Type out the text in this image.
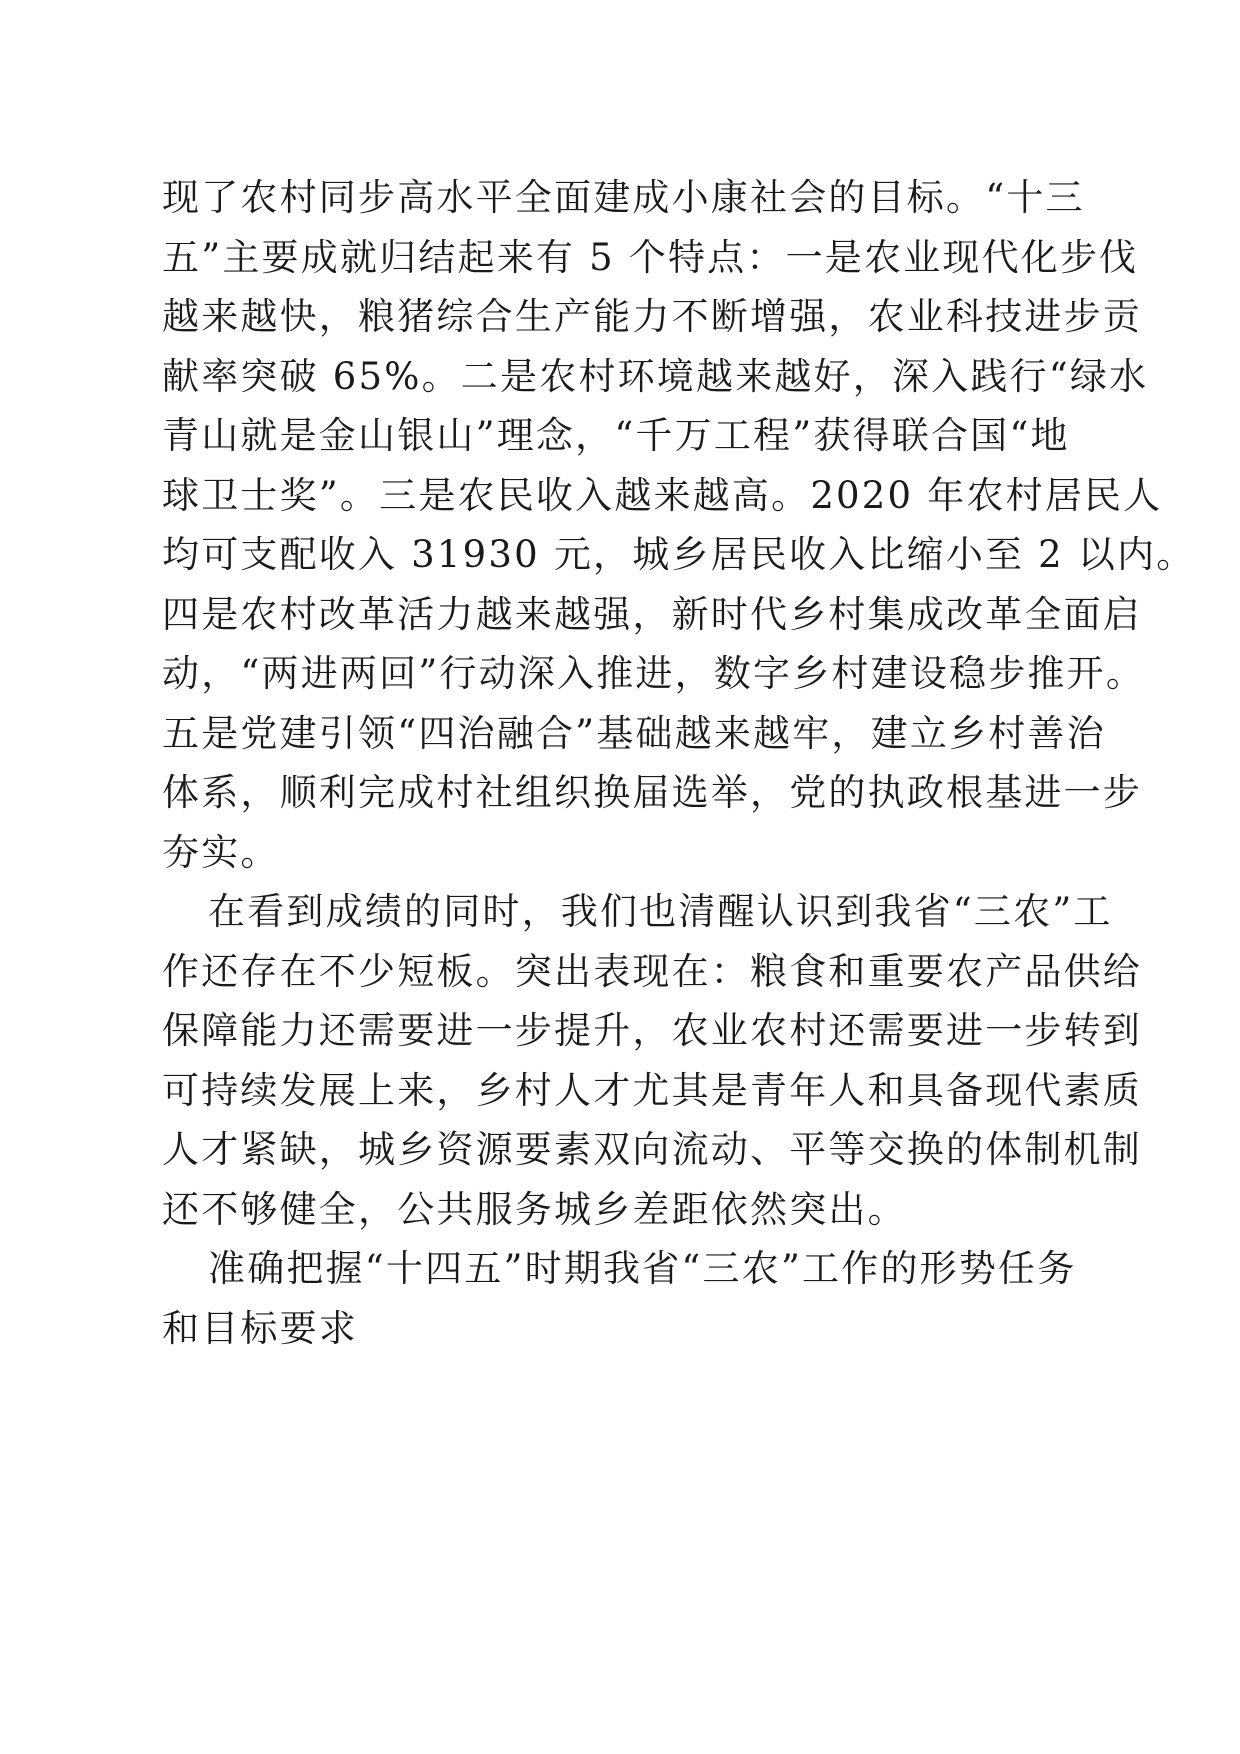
现了农村同步高水平全面建成小康社会的目标。“十三
五”主要成就归结起来有 5 个特点：一是农业现代化步伐
越来越快，粮猪综合生产能力不断增强，农业科技进步贡
献率突破 65%。二是农村环境越来越好，深入践行“绿水
青山就是金山银山”理念，“千万工程”获得联合国“地
球卫士奖”。三是农民收入越来越高。2020 年农村居民人
均可支配收入 31930 元，城乡居民收入比缩小至 2 以内。
四是农村改革活力越来越强，新时代乡村集成改革全面启
动，“两进两回”行动深入推进，数字乡村建设稳步推开。
五是党建引领“四治融合”基础越来越牢，建立乡村善治
体系，顺利完成村社组织换届选举，党的执政根基进一步
夯实。
在看到成绩的同时，我们也清醒认识到我省“三农”工
作还存在不少短板。突出表现在：粮食和重要农产品供给
保障能力还需要进一步提升，农业农村还需要进一步转到
可持续发展上来，乡村人才尤其是青年人和具备现代素质
人才紧缺，城乡资源要素双向流动、平等交换的体制机制
还不够健全，公共服务城乡差距依然突出。
准确把握“十四五”时期我省“三农”工作的形势任务
和目标要求
